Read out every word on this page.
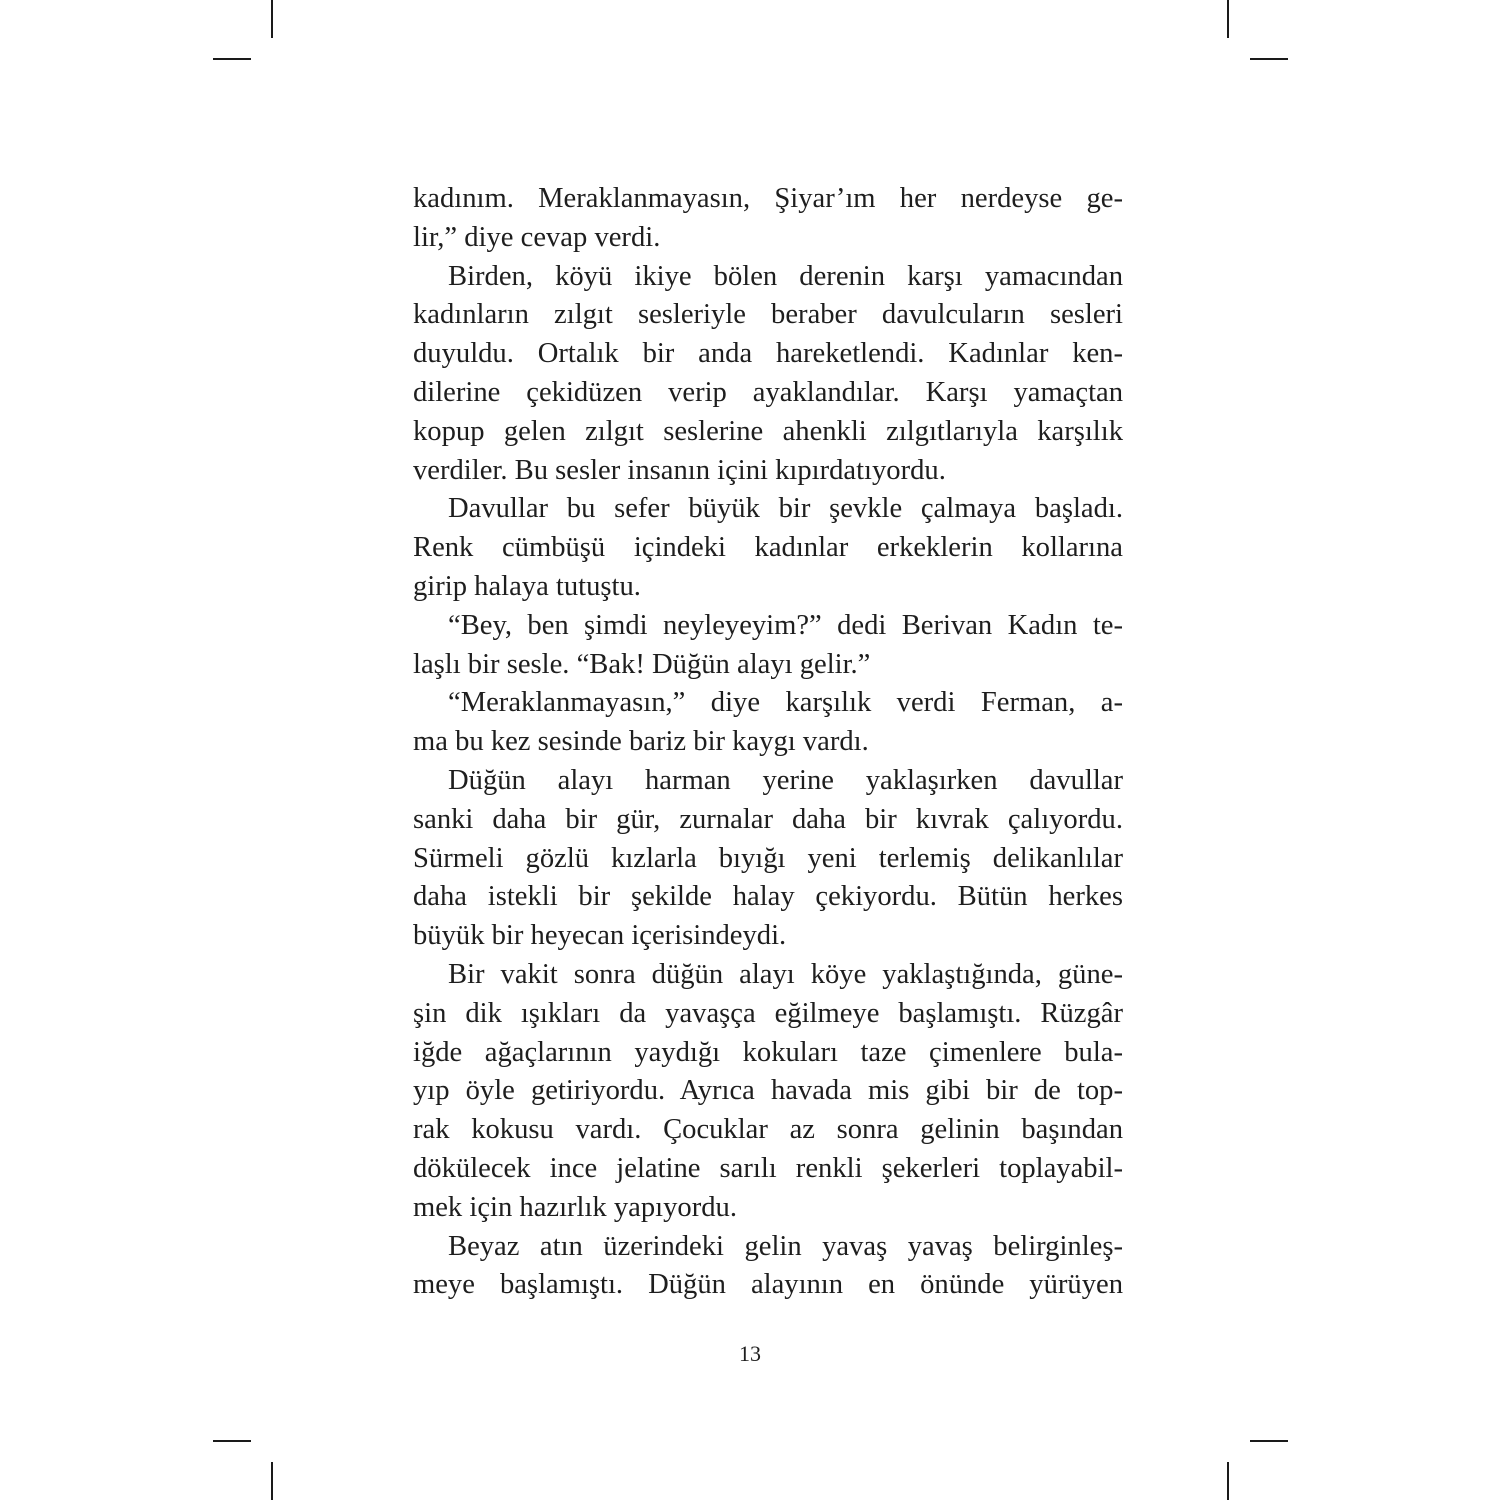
kadınım. Meraklanmayasın, Şiyar’ım her nerdeyse ge-
lir,” diye cevap verdi.
Birden, köyü ikiye bölen derenin karşı yamacından
kadınların zılgıt sesleriyle beraber davulcuların sesleri
duyuldu. Ortalık bir anda hareketlendi. Kadınlar ken-
dilerine çekidüzen verip ayaklandılar. Karşı yamaçtan
kopup gelen zılgıt seslerine ahenkli zılgıtlarıyla karşılık
verdiler. Bu sesler insanın içini kıpırdatıyordu.
Davullar bu sefer büyük bir şevkle çalmaya başladı.
Renk cümbüşü içindeki kadınlar erkeklerin kollarına
girip halaya tutuştu.
“Bey, ben şimdi neyleyeyim?” dedi Berivan Kadın te-
laşlı bir sesle. “Bak! Düğün alayı gelir.”
“Meraklanmayasın,” diye karşılık verdi Ferman, a-
ma bu kez sesinde bariz bir kaygı vardı.
Düğün alayı harman yerine yaklaşırken davullar
sanki daha bir gür, zurnalar daha bir kıvrak çalıyordu.
Sürmeli gözlü kızlarla bıyığı yeni terlemiş delikanlılar
daha istekli bir şekilde halay çekiyordu. Bütün herkes
büyük bir heyecan içerisindeydi.
Bir vakit sonra düğün alayı köye yaklaştığında, güne-
şin dik ışıkları da yavaşça eğilmeye başlamıştı. Rüzgâr
iğde ağaçlarının yaydığı kokuları taze çimenlere bula-
yıp öyle getiriyordu. Ayrıca havada mis gibi bir de top-
rak kokusu vardı. Çocuklar az sonra gelinin başından
dökülecek ince jelatine sarılı renkli şekerleri toplayabil-
mek için hazırlık yapıyordu.
Beyaz atın üzerindeki gelin yavaş yavaş belirginleş-
meye başlamıştı. Düğün alayının en önünde yürüyen
13
